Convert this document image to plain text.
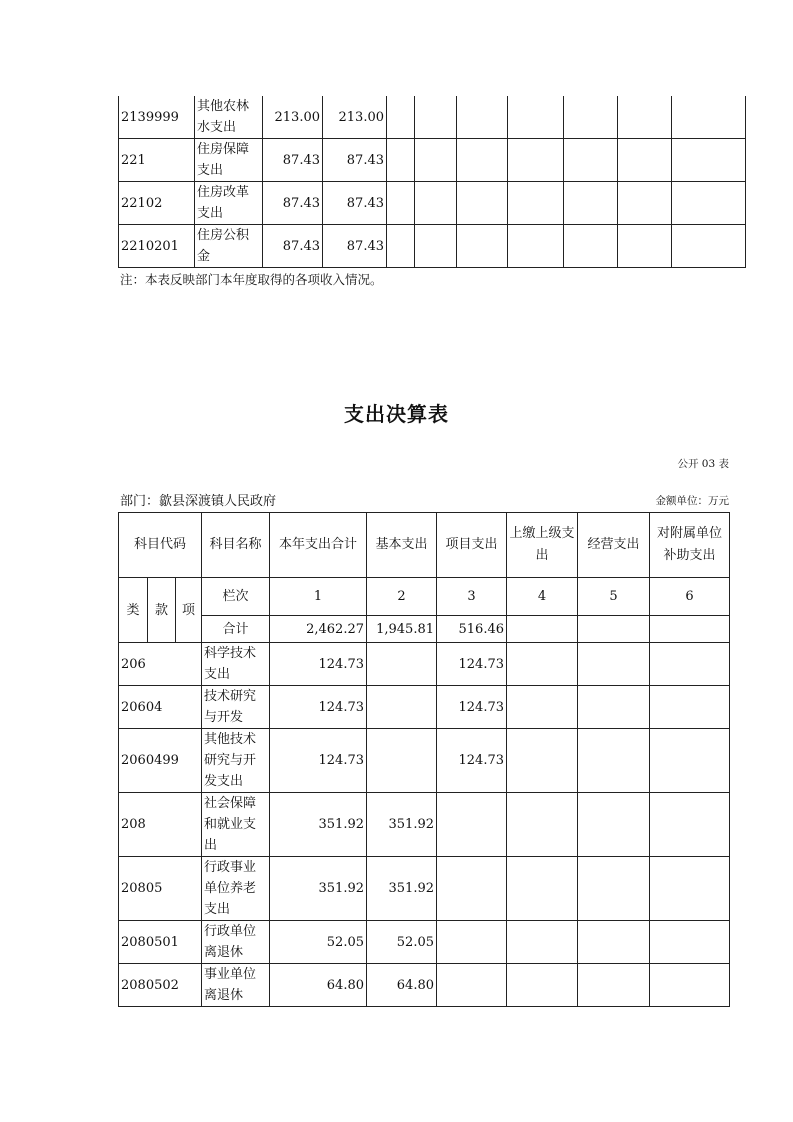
2139999	其他农林水支出	213.00	213.00							
221	住房保障支出	87.43	87.43							
22102	住房改革支出	87.43	87.43							
2210201	住房公积金	87.43	87.43							
注：本表反映部门本年度取得的各项收入情况。
支出决算表
公开 03 表
部门：歙县深渡镇人民政府	金额单位：万元
科目代码			科目名称	本年支出合计	基本支出	项目支出	上缴上级支出	经营支出	对附属单位补助支出
类	款	项	栏次	1	2	3	4	5	6
			合计	2,462.27	1,945.81	516.46			
206			科学技术支出	124.73		124.73			
20604			技术研究与开发	124.73		124.73			
2060499			其他技术研究与开发支出	124.73		124.73			
208			社会保障和就业支出	351.92	351.92				
20805			行政事业单位养老支出	351.92	351.92				
2080501			行政单位离退休	52.05	52.05				
2080502			事业单位离退休	64.80	64.80				
